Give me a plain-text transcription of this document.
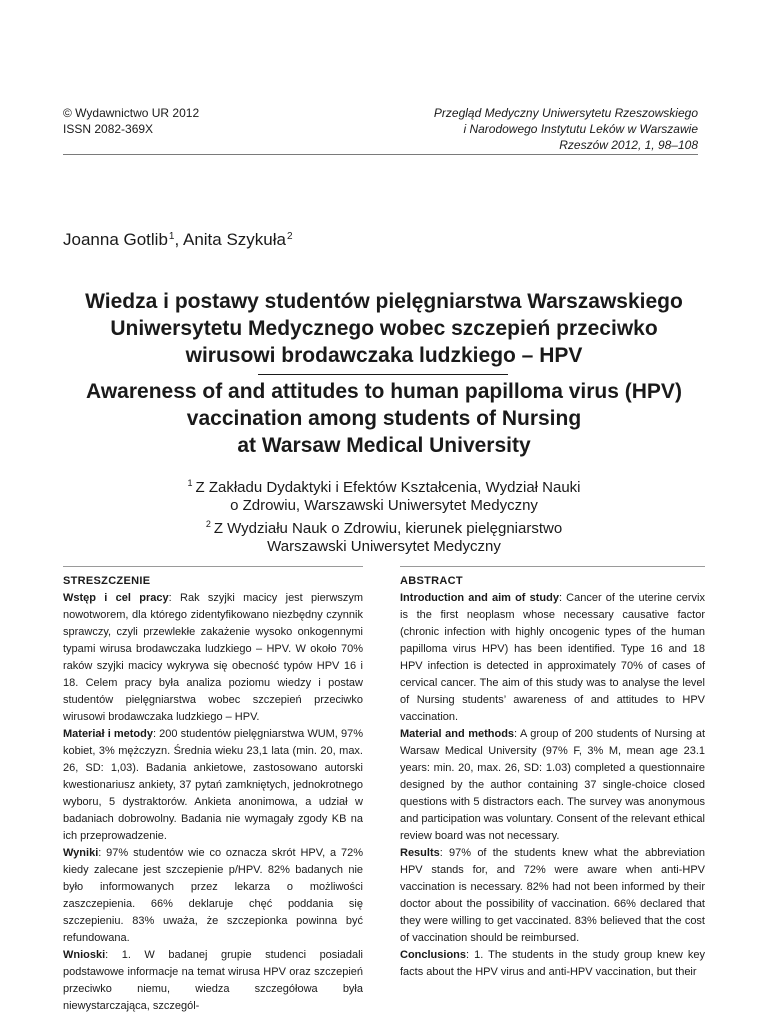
© Wydawnictwo UR 2012
ISSN 2082-369X
Przegląd Medyczny Uniwersytetu Rzeszowskiego
i Narodowego Instytutu Leków w Warszawie
Rzeszów 2012, 1, 98–108
Joanna Gotlib$^1$, Anita Szykuła$^2$
Wiedza i postawy studentów pielęgniarstwa Warszawskiego
Uniwersytetu Medycznego wobec szczepień przeciwko
wirusowi brodawczaka ludzkiego – HPV
Awareness of and attitudes to human papilloma virus (HPV)
vaccination among students of Nursing
at Warsaw Medical University
$^1$ Z Zakładu Dydaktyki i Efektów Kształcenia, Wydział Nauki
o Zdrowiu, Warszawski Uniwersytet Medyczny
$^2$ Z Wydziału Nauk o Zdrowiu, kierunek pielęgniarstwo
Warszawski Uniwersytet Medyczny
STRESZCZENIE

Wstęp i cel pracy: Rak szyjki macicy jest pierwszym nowotworem, dla którego zidentyfikowano niezbędny czynnik sprawczy, czyli przewlekłe zakażenie wysoko onkogennymi typami wirusa brodawczaka ludzkiego – HPV. W około 70% raków szyjki macicy wykrywa się obecność typów HPV 16 i 18. Celem pracy była analiza poziomu wiedzy i postaw studentów pielęgniarstwa wobec szczepień przeciwko wirusowi brodawczaka ludzkiego – HPV.

Materiał i metody: 200 studentów pielęgniarstwa WUM, 97% kobiet, 3% mężczyzn. Średnia wieku 23,1 lata (min. 20, max. 26, SD: 1,03). Badania ankietowe, zastosowano autorski kwestionariusz ankiety, 37 pytań zamkniętych, jednokrotnego wyboru, 5 dystraktorów. Ankieta anonimowa, a udział w badaniach dobrowolny. Badania nie wymagały zgody KB na ich przeprowadzenie.

Wyniki: 97% studentów wie co oznacza skrót HPV, a 72% kiedy zalecane jest szczepienie p/HPV. 82% badanych nie było informowanych przez lekarza o możliwości zaszczepienia. 66% deklaruje chęć poddania się szczepieniu. 83% uważa, że szczepionka powinna być refundowana.

Wnioski: 1. W badanej grupie studenci posiadali podstawowe informacje na temat wirusa HPV oraz szczepień przeciwko niemu, wiedza szczegółowa była niewystarczająca, szczegól-

ABSTRACT

Introduction and aim of study: Cancer of the uterine cervix is the first neoplasm whose necessary causative factor (chronic infection with highly oncogenic types of the human papilloma virus HPV) has been identified. Type 16 and 18 HPV infection is detected in approximately 70% of cases of cervical cancer. The aim of this study was to analyse the level of Nursing students’ awareness of and attitudes to HPV vaccination.

Material and methods: A group of 200 students of Nursing at Warsaw Medical University (97% F, 3% M, mean age 23.1 years: min. 20, max. 26, SD: 1.03) completed a questionnaire designed by the author containing 37 single-choice closed questions with 5 distractors each. The survey was anonymous and participation was voluntary. Consent of the relevant ethical review board was not necessary.

Results: 97% of the students knew what the abbreviation HPV stands for, and 72% were aware when anti-HPV vaccination is necessary. 82% had not been informed by their doctor about the possibility of vaccination. 66% declared that they were willing to get vaccinated. 83% believed that the cost of vaccination should be reimbursed.

Conclusions: 1. The students in the study group knew key facts about the HPV virus and anti-HPV vaccination, but their
